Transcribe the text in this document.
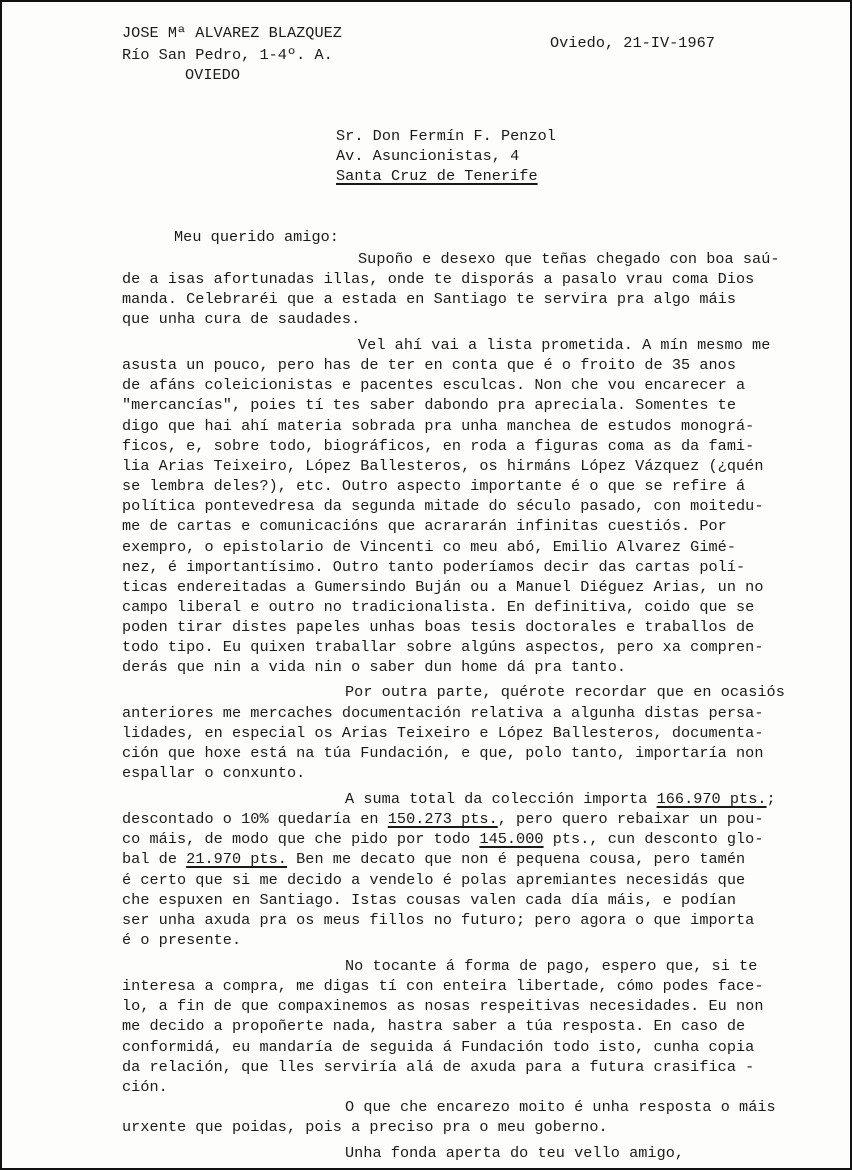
JOSE Mª ALVAREZ BLAZQUEZ
Río San Pedro, 1-4º. A.
OVIEDO
Oviedo, 21-IV-1967
Sr. Don Fermín F. Penzol
Av. Asuncionistas, 4
Santa Cruz de Tenerife
Meu querido amigo:
Supoño e desexo que teñas chegado con boa saú-
de a isas afortunadas illas, onde te disporás a pasalo vrau coma Dios
manda. Celebraréi que a estada en Santiago te servira pra algo máis
que unha cura de saudades.
Vel ahí vai a lista prometida. A mín mesmo me
asusta un pouco, pero has de ter en conta que é o froito de 35 anos
de afáns coleicionistas e pacentes esculcas. Non che vou encarecer a
"mercancías", poies tí tes saber dabondo pra apreciala. Somentes te
digo que hai ahí materia sobrada pra unha manchea de estudos monográ-
ficos, e, sobre todo, biográficos, en roda a figuras coma as da fami-
lia Arias Teixeiro, López Ballesteros, os hirmáns López Vázquez (¿quén
se lembra deles?), etc. Outro aspecto importante é o que se refire á
política pontevedresa da segunda mitade do século pasado, con moitedu-
me de cartas e comunicacións que acrararán infinitas cuestiós. Por
exempro, o epistolario de Vincenti co meu abó, Emilio Alvarez Gimé-
nez, é importantísimo. Outro tanto poderíamos decir das cartas polí-
ticas endereitadas a Gumersindo Buján ou a Manuel Diéguez Arias, un no
campo liberal e outro no tradicionalista. En definitiva, coido que se
poden tirar distes papeles unhas boas tesis doctorales e traballos de
todo tipo. Eu quixen traballar sobre algúns aspectos, pero xa compren-
derás que nin a vida nin o saber dun home dá pra tanto.
Por outra parte, quérote recordar que en ocasiós
anteriores me mercaches documentación relativa a algunha distas persa-
lidades, en especial os Arias Teixeiro e López Ballesteros, documenta-
ción que hoxe está na túa Fundación, e que, polo tanto, importaría non
espallar o conxunto.
A suma total da colección importa 166.970 pts.;
descontado o 10% quedaría en 150.273 pts., pero quero rebaixar un pou-
co máis, de modo que che pido por todo 145.000 pts., cun desconto glo-
bal de 21.970 pts. Ben me decato que non é pequena cousa, pero tamén
é certo que si me decido a vendelo é polas apremiantes necesidás que
che espuxen en Santiago. Istas cousas valen cada día máis, e podían
ser unha axuda pra os meus fillos no futuro; pero agora o que importa
é o presente.
No tocante á forma de pago, espero que, si te
interesa a compra, me digas tí con enteira libertade, cómo podes face-
lo, a fin de que compaxinemos as nosas respeitivas necesidades. Eu non
me decido a propoñerte nada, hastra saber a túa resposta. En caso de
conformidá, eu mandaría de seguida á Fundación todo isto, cunha copia
da relación, que lles serviría alá de axuda para a futura crasifica -
ción.
O que che encarezo moito é unha resposta o máis
urxente que poidas, pois a preciso pra o meu goberno.
Unha fonda aperta do teu vello amigo,
